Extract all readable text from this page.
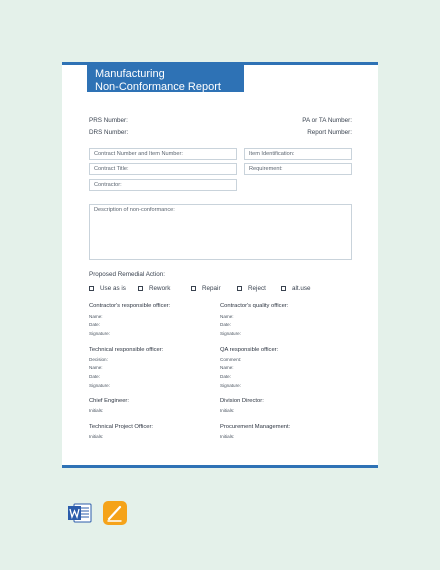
Manufacturing
Non-Conformance Report
PRS Number:	PA or TA Number:
DRS Number:	Report Number:
Contract Number and Item Number:	Item Identification:
Contract Title:	Requirement:
Contractor:
Description of non-conformance:
Proposed Remedial Action:
Use as is	Rework	Repair	Reject	alt.use
Contractor's responsible officer:
Name:
Date:
Signature:
Contractor's quality officer:
Name:
Date:
Signature:
Technical responsible officer:
Decision:
Name:
Date:
Signature:
QA responsible officer:
Comment:
Name:
Date:
Signature:
Chief Engineer:
Initials:
Division Director:
Initials:
Technical Project Officer:
Initials:
Procurement Management:
Initials:
